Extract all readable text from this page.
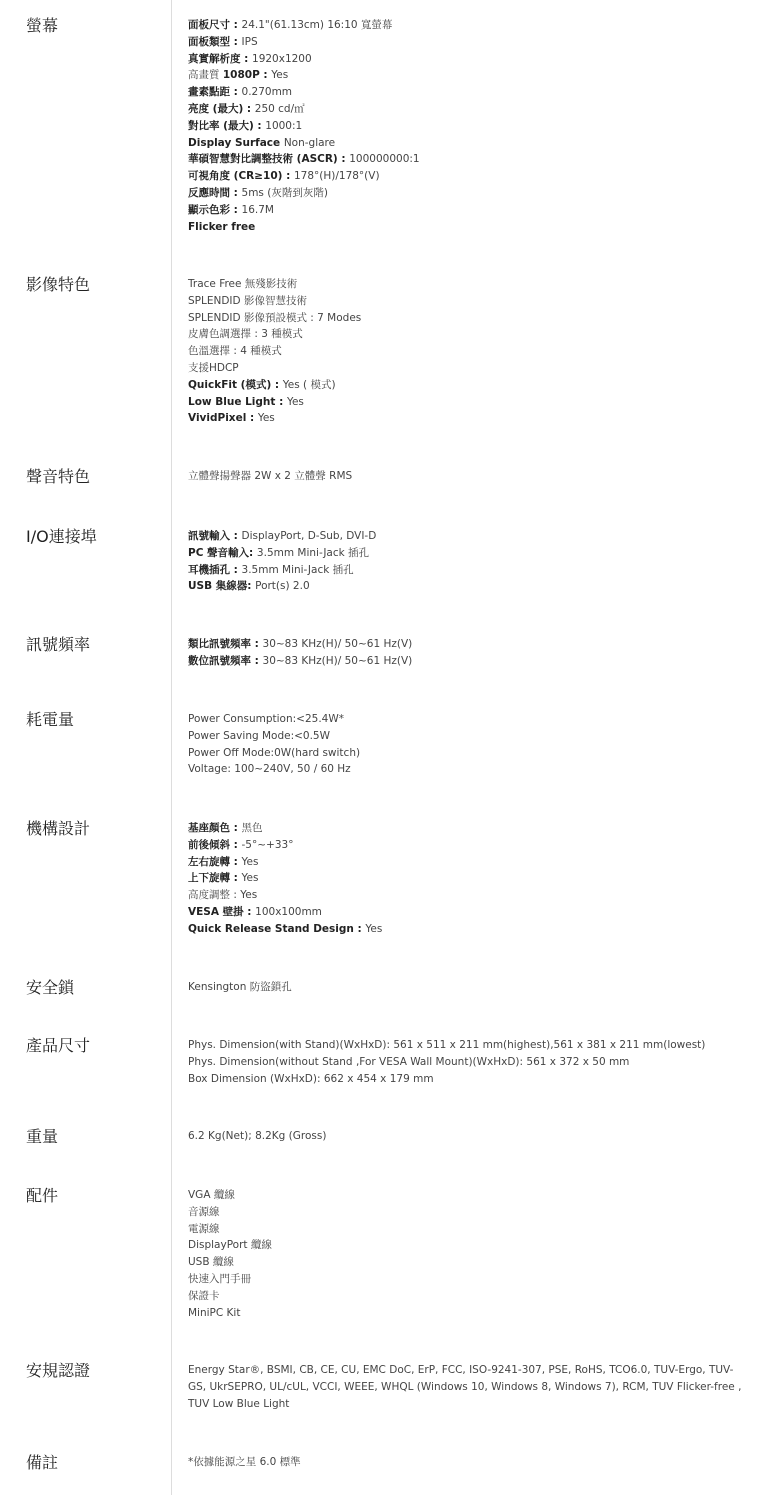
螢幕	面板尺寸 : 24.1"(61.13cm) 16:10 寬螢幕
面板類型 : IPS
真實解析度 : 1920x1200
高畫質 1080P : Yes
畫素點距 : 0.270mm
亮度 (最大) : 250 cd/㎡
對比率 (最大) : 1000:1
Display Surface Non-glare
華碩智慧對比調整技術 (ASCR) : 100000000:1
可視角度 (CR≥10) : 178°(H)/178°(V)
反應時間 : 5ms (灰階到灰階)
顯示色彩 : 16.7M
Flicker free
影像特色	Trace Free 無殘影技術
SPLENDID 影像智慧技術
SPLENDID 影像預設模式 : 7 Modes
皮膚色調選擇 : 3 種模式
色溫選擇 : 4 種模式
支援HDCP
QuickFit (模式) : Yes ( 模式)
Low Blue Light : Yes
VividPixel : Yes
聲音特色	立體聲揚聲器 2W x 2 立體聲 RMS
I/O連接埠	訊號輸入 : DisplayPort, D-Sub, DVI-D
PC 聲音輸入: 3.5mm Mini-Jack 插孔
耳機插孔 : 3.5mm Mini-Jack 插孔
USB 集線器: Port(s) 2.0
訊號頻率	類比訊號頻率 : 30~83 KHz(H)/ 50~61 Hz(V)
數位訊號頻率 : 30~83 KHz(H)/ 50~61 Hz(V)
耗電量	Power Consumption:<25.4W*
Power Saving Mode:<0.5W
Power Off Mode:0W(hard switch)
Voltage: 100~240V, 50 / 60 Hz
機構設計	基座顏色 : 黑色
前後傾斜 : -5°~+33°
左右旋轉 : Yes
上下旋轉 : Yes
高度調整 : Yes
VESA 壁掛 : 100x100mm
Quick Release Stand Design : Yes
安全鎖	Kensington 防盜鎖孔
產品尺寸	Phys. Dimension(with Stand)(WxHxD): 561 x 511 x 211 mm(highest),561 x 381 x 211 mm(lowest)
Phys. Dimension(without Stand ,For VESA Wall Mount)(WxHxD): 561 x 372 x 50 mm
Box Dimension (WxHxD): 662 x 454 x 179 mm
重量	6.2 Kg(Net); 8.2Kg (Gross)
配件	VGA 纜線
音源線
電源線
DisplayPort 纜線
USB 纜線
快速入門手冊
保證卡
MiniPC Kit
安規認證	Energy Star®, BSMI, CB, CE, CU, EMC DoC, ErP, FCC, ISO-9241-307, PSE, RoHS, TCO6.0, TUV-Ergo, TUV-GS, UkrSEPRO, UL/cUL, VCCI, WEEE, WHQL (Windows 10, Windows 8, Windows 7), RCM, TUV Flicker-free , TUV Low Blue Light
備註	*依據能源之星 6.0 標準
